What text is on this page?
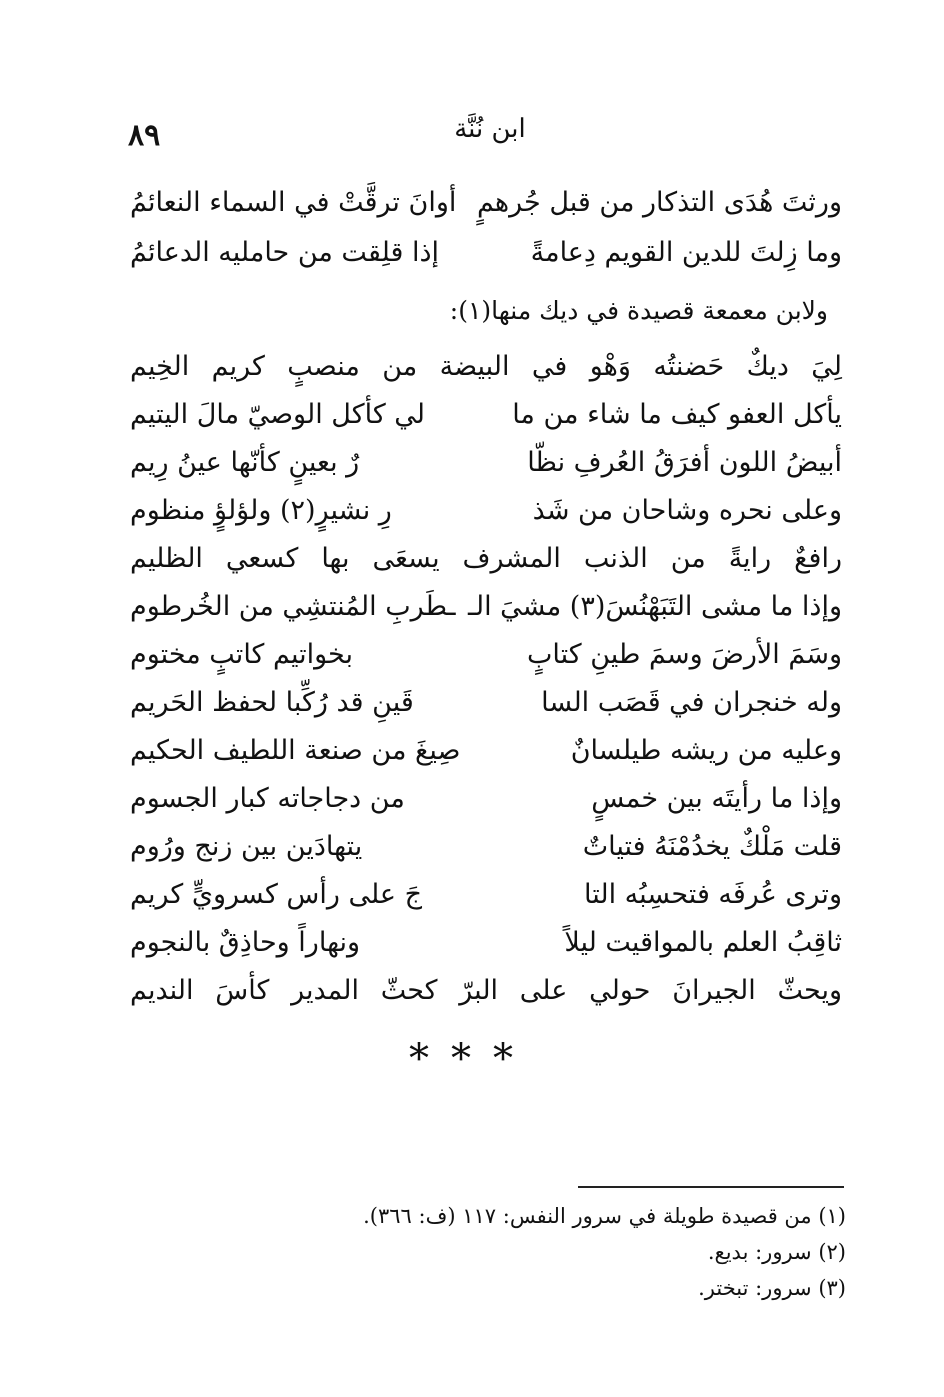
٨٩	ابن نُنَّة
ورثتَ هُدَى التذكار من قبل جُرهمٍ
أوانَ ترقَّتْ في السماء النعائمُ
وما زِلتَ للدين القويم دِعامةً
إذا قلِقت من حامليه الدعائمُ
ولابن معمعة قصيدة في ديك منها(١):
لِيَ ديكٌ حَضنتُه وَهْو في البيضة من منصبٍ كريم الخِيم
يأكل العفو كيف ما شاء من ما
لي كأكل الوصيّ مالَ اليتيم
أبيضُ اللون أفرَقُ العُرفِ نظّا
رٌ بعينٍ كأنّها عينُ رِيم
وعلى نحره وشاحان من شَذ
رِ نشيرٍ(٢) ولؤلؤٍ منظوم
رافعٌ رايةً من الذنب المشرف يسعَى بها كسعي الظليم
وإذا ما مشى التَبَهْنُسَ(٣) مشيَ الـ
ـطَربِ المُنتشِي من الخُرطوم
وسَمَ الأرضَ وسمَ طينِ كتابٍ
بخواتيم كاتبٍ مختوم
وله خنجران في قَصَب السا
قَينِ قد رُكِّبا لحفظ الحَريم
وعليه من ريشه طيلسانٌ
صِيغَ من صنعة اللطيف الحكيم
وإذا ما رأيتَه بين خمسٍ
من دجاجاته كبار الجسوم
قلت مَلْكٌ يخدُمْنَهُ فتياتٌ
يتهادَين بين زنج ورُوم
وترى عُرفَه فتحسِبُه التا
جَ على رأس كسرويٍّ كريم
ثاقِبُ العلم بالمواقيت ليلاً
ونهاراً وحاذِقٌ بالنجوم
ويحثّ الجيرانَ حولي على البرّ كحثّ المدير كأسَ النديم
***
(١) من قصيدة طويلة في سرور النفس: ١١٧ (ف: ٣٦٦).
(٢) سرور: بديع.
(٣) سرور: تبختر.
